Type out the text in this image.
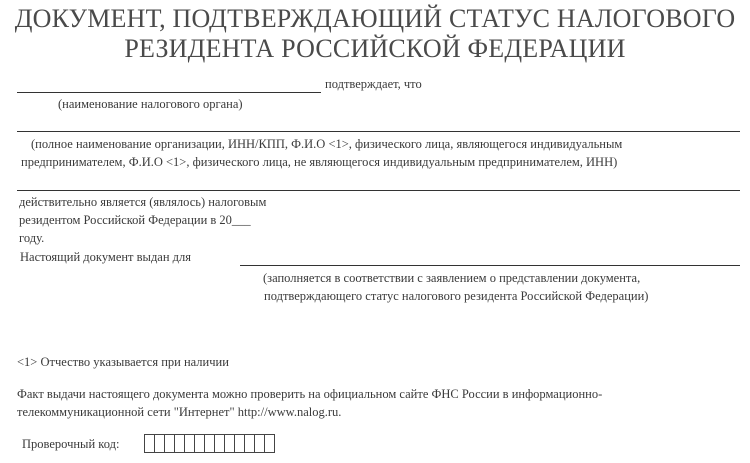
ДОКУМЕНТ, ПОДТВЕРЖДАЮЩИЙ СТАТУС НАЛОГОВОГО
РЕЗИДЕНТА РОССИЙСКОЙ ФЕДЕРАЦИИ
подтверждает, что
(наименование налогового органа)
(полное наименование организации, ИНН/КПП, Ф.И.О <1>, физического лица, являющегося индивидуальным
предпринимателем, Ф.И.О <1>, физического лица, не являющегося индивидуальным предпринимателем, ИНН)
действительно является (являлось) налоговым
резидентом Российской Федерации в 20___
году.
Настоящий документ выдан для
(заполняется в соответствии с заявлением о представлении документа,
подтверждающего статус налогового резидента Российской Федерации)
<1> Отчество указывается при наличии
Факт выдачи настоящего документа можно проверить на официальном сайте ФНС России в информационно-
телекоммуникационной сети "Интернет" http://www.nalog.ru.
Проверочный код:
